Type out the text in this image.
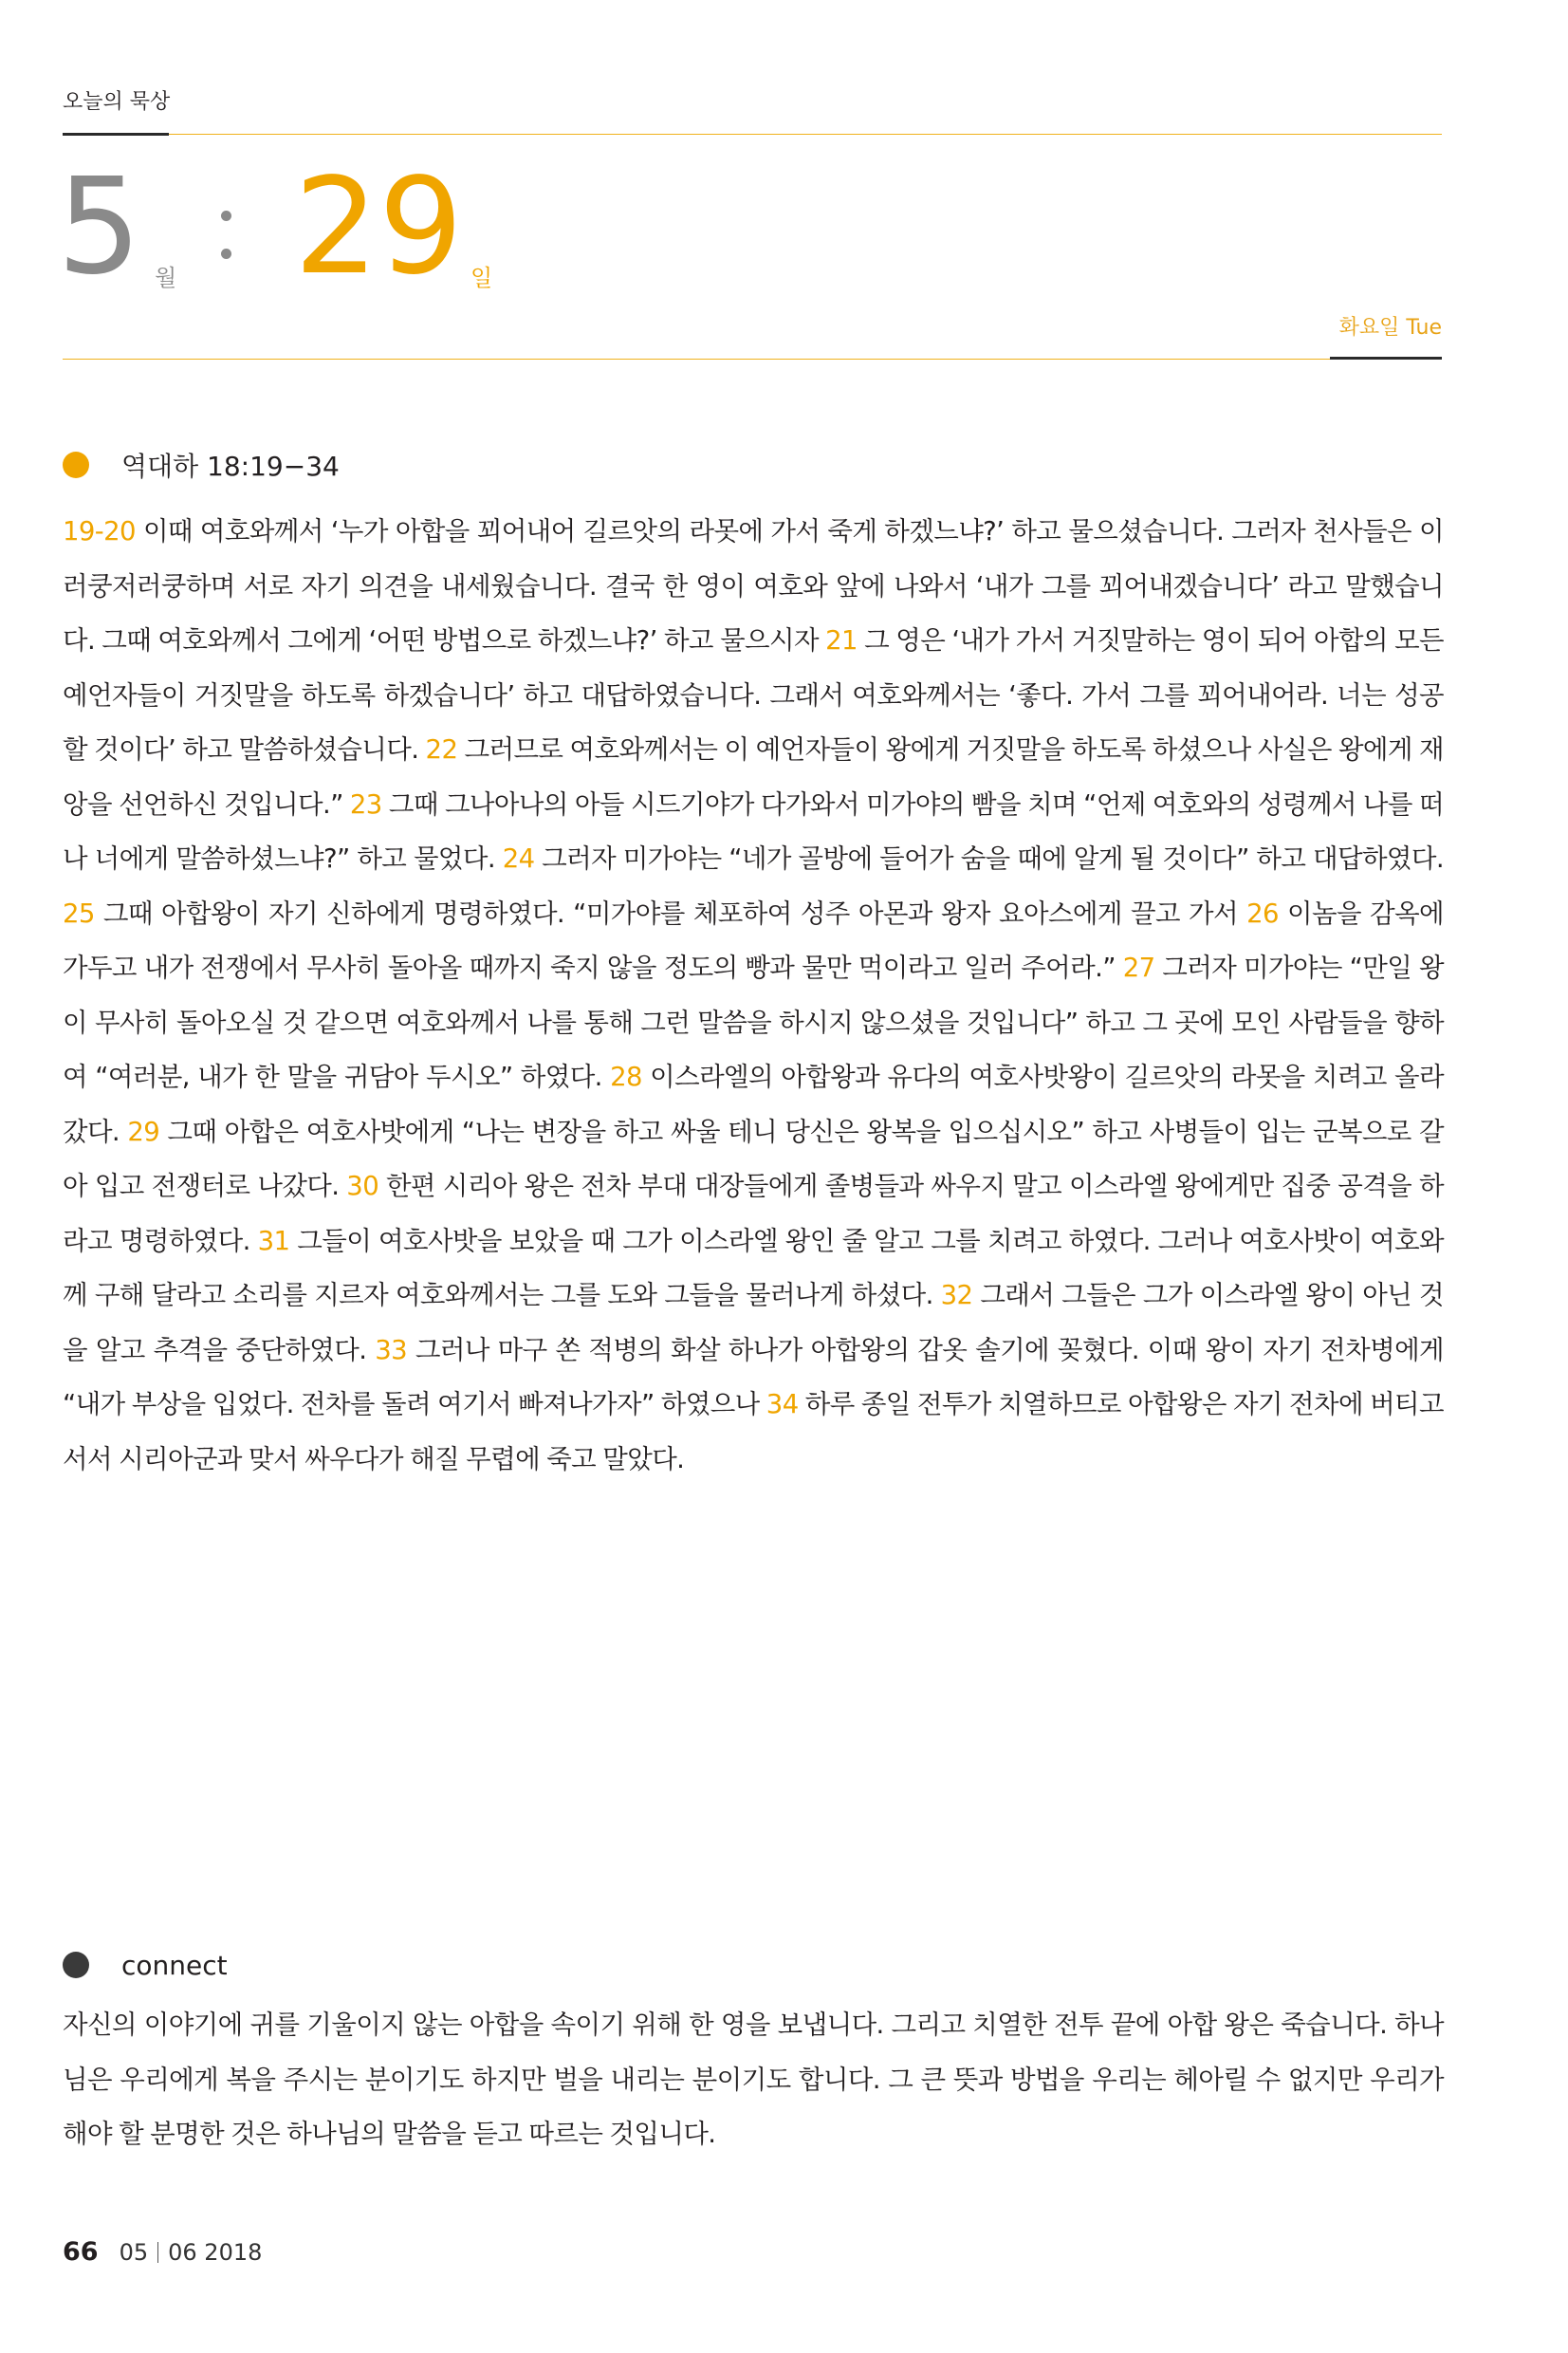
오늘의 묵상
5 월 29 일
화요일 Tue
역대하 18:19−34
19-20 이때 여호와께서 ‘누가 아합을 꾀어내어 길르앗의 라못에 가서 죽게 하겠느냐?’ 하고 물으셨습니다. 그러자 천사들은 이러쿵저러쿵하며 서로 자기 의견을 내세웠습니다. 결국 한 영이 여호와 앞에 나와서 ‘내가 그를 꾀어내겠습니다’ 라고 말했습니다. 그때 여호와께서 그에게 ‘어떤 방법으로 하겠느냐?’ 하고 물으시자 21 그 영은 ‘내가 가서 거짓말하는 영이 되어 아합의 모든 예언자들이 거짓말을 하도록 하겠습니다’ 하고 대답하였습니다. 그래서 여호와께서는 ‘좋다. 가서 그를 꾀어내어라. 너는 성공할 것이다’ 하고 말씀하셨습니다. 22 그러므로 여호와께서는 이 예언자들이 왕에게 거짓말을 하도록 하셨으나 사실은 왕에게 재앙을 선언하신 것입니다.” 23 그때 그나아나의 아들 시드기야가 다가와서 미가야의 빰을 치며 “언제 여호와의 성령께서 나를 떠나 너에게 말씀하셨느냐?” 하고 물었다. 24 그러자 미가야는 “네가 골방에 들어가 숨을 때에 알게 될 것이다” 하고 대답하였다. 25 그때 아합왕이 자기 신하에게 명령하였다. “미가야를 체포하여 성주 아몬과 왕자 요아스에게 끌고 가서 26 이놈을 감옥에 가두고 내가 전쟁에서 무사히 돌아올 때까지 죽지 않을 정도의 빵과 물만 먹이라고 일러 주어라.” 27 그러자 미가야는 “만일 왕이 무사히 돌아오실 것 같으면 여호와께서 나를 통해 그런 말씀을 하시지 않으셨을 것입니다” 하고 그 곳에 모인 사람들을 향하여 “여러분, 내가 한 말을 귀담아 두시오” 하였다. 28 이스라엘의 아합왕과 유다의 여호사밧왕이 길르앗의 라못을 치려고 올라갔다. 29 그때 아합은 여호사밧에게 “나는 변장을 하고 싸울 테니 당신은 왕복을 입으십시오” 하고 사병들이 입는 군복으로 갈아 입고 전쟁터로 나갔다. 30 한편 시리아 왕은 전차 부대 대장들에게 졸병들과 싸우지 말고 이스라엘 왕에게만 집중 공격을 하라고 명령하였다. 31 그들이 여호사밧을 보았을 때 그가 이스라엘 왕인 줄 알고 그를 치려고 하였다. 그러나 여호사밧이 여호와께 구해 달라고 소리를 지르자 여호와께서는 그를 도와 그들을 물러나게 하셨다. 32 그래서 그들은 그가 이스라엘 왕이 아닌 것을 알고 추격을 중단하였다. 33 그러나 마구 쏜 적병의 화살 하나가 아합왕의 갑옷 솔기에 꽂혔다. 이때 왕이 자기 전차병에게 “내가 부상을 입었다. 전차를 돌려 여기서 빠져나가자” 하였으나 34 하루 종일 전투가 치열하므로 아합왕은 자기 전차에 버티고 서서 시리아군과 맞서 싸우다가 해질 무렵에 죽고 말았다.
connect
자신의 이야기에 귀를 기울이지 않는 아합을 속이기 위해 한 영을 보냅니다. 그리고 치열한 전투 끝에 아합 왕은 죽습니다. 하나님은 우리에게 복을 주시는 분이기도 하지만 벌을 내리는 분이기도 합니다. 그 큰 뜻과 방법을 우리는 헤아릴 수 없지만 우리가 해야 할 분명한 것은 하나님의 말씀을 듣고 따르는 것입니다.
66 05 06 2018
